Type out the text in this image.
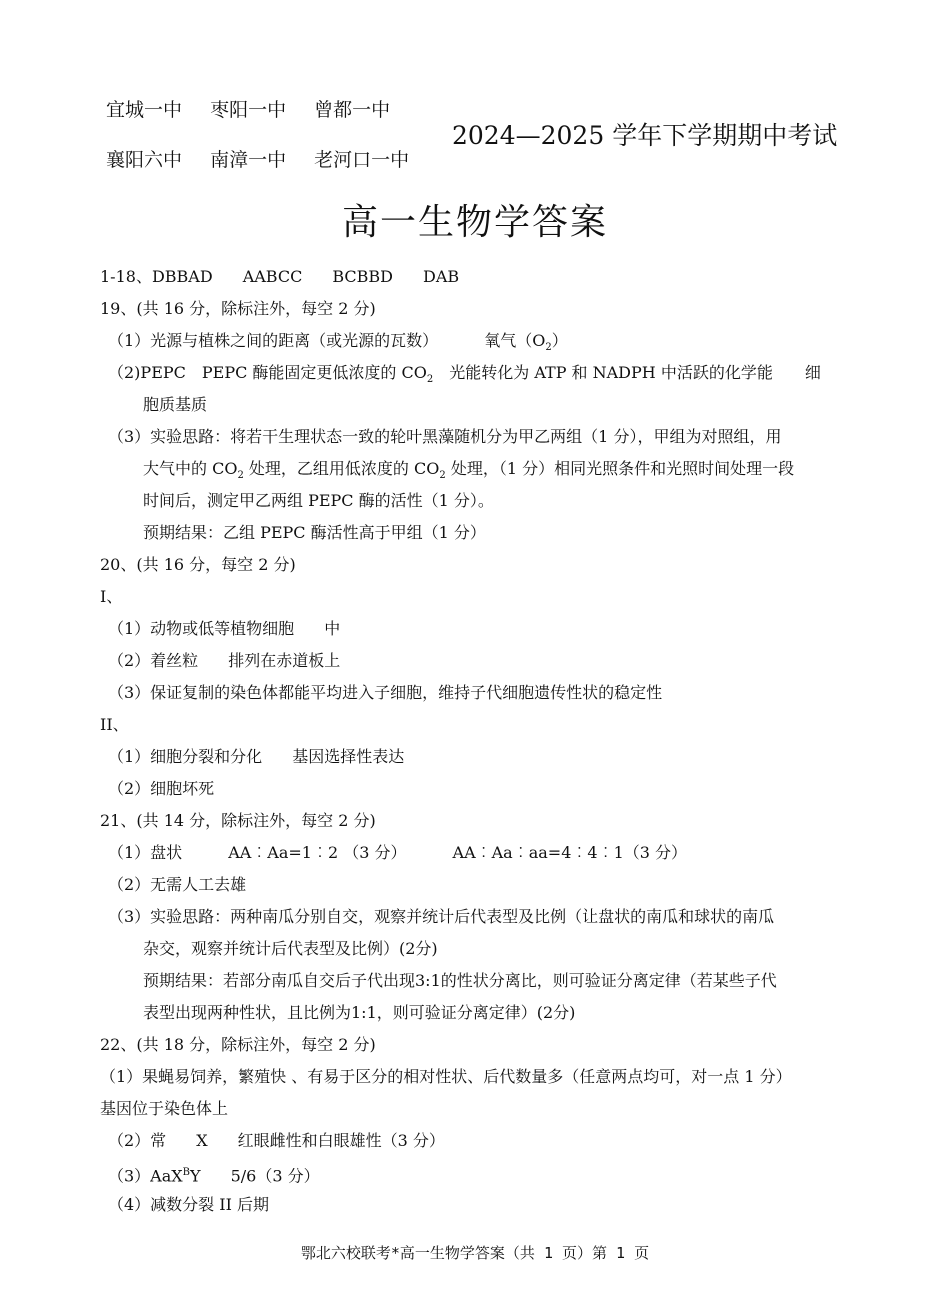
宜城一中 枣阳一中 曾都一中
襄阳六中 南漳一中 老河口一中
2024—2025 学年下学期期中考试
高一生物学答案
1-18、DBBAD AABCC BCBBD DAB
19、(共 16 分，除标注外，每空 2 分)
（1）光源与植株之间的距离（或光源的瓦数）	氧气$(O_2)$
（2)PEPC　PEPC 酶能固定更低浓度的 $CO_2$　光能转化为 ATP 和 NADPH 中活跃的化学能　　细
胞质基质
（3）实验思路：将若干生理状态一致的轮叶黑藻随机分为甲乙两组（1 分），甲组为对照组，用
大气中的 $CO_2$ 处理，乙组用低浓度的 $CO_2$ 处理，（1 分）相同光照条件和光照时间处理一段
时间后，测定甲乙两组 PEPC 酶的活性（1 分）。
预期结果：乙组 PEPC 酶活性高于甲组（1 分）
20、(共 16 分，每空 2 分)
I、
（1）动物或低等植物细胞 中
（2）着丝粒 排列在赤道板上
（3）保证复制的染色体都能平均进入子细胞，维持子代细胞遗传性状的稳定性
II、
（1）细胞分裂和分化 基因选择性表达
（2）细胞坏死
21、(共 14 分，除标注外，每空 2 分)
（1）盘状	AA︰Aa=1︰2 （3 分）	AA︰Aa︰aa=4︰4︰1（3 分）
（2）无需人工去雄
（3）实验思路：两种南瓜分别自交，观察并统计后代表型及比例（让盘状的南瓜和球状的南瓜
杂交，观察并统计后代表型及比例）(2分)
预期结果：若部分南瓜自交后子代出现3:1的性状分离比，则可验证分离定律（若某些子代
表型出现两种性状，且比例为1:1，则可验证分离定律）(2分)
22、(共 18 分，除标注外，每空 2 分)
（1）果蝇易饲养，繁殖快 、有易于区分的相对性状、后代数量多（任意两点均可，对一点 1 分）
基因位于染色体上
（2）常 X 红眼雌性和白眼雄性（3 分）
（3）AaX$^B$Y 5/6（3 分）
（4）减数分裂 II 后期
鄂北六校联考*高一生物学答案（共 1 页）第 1 页
